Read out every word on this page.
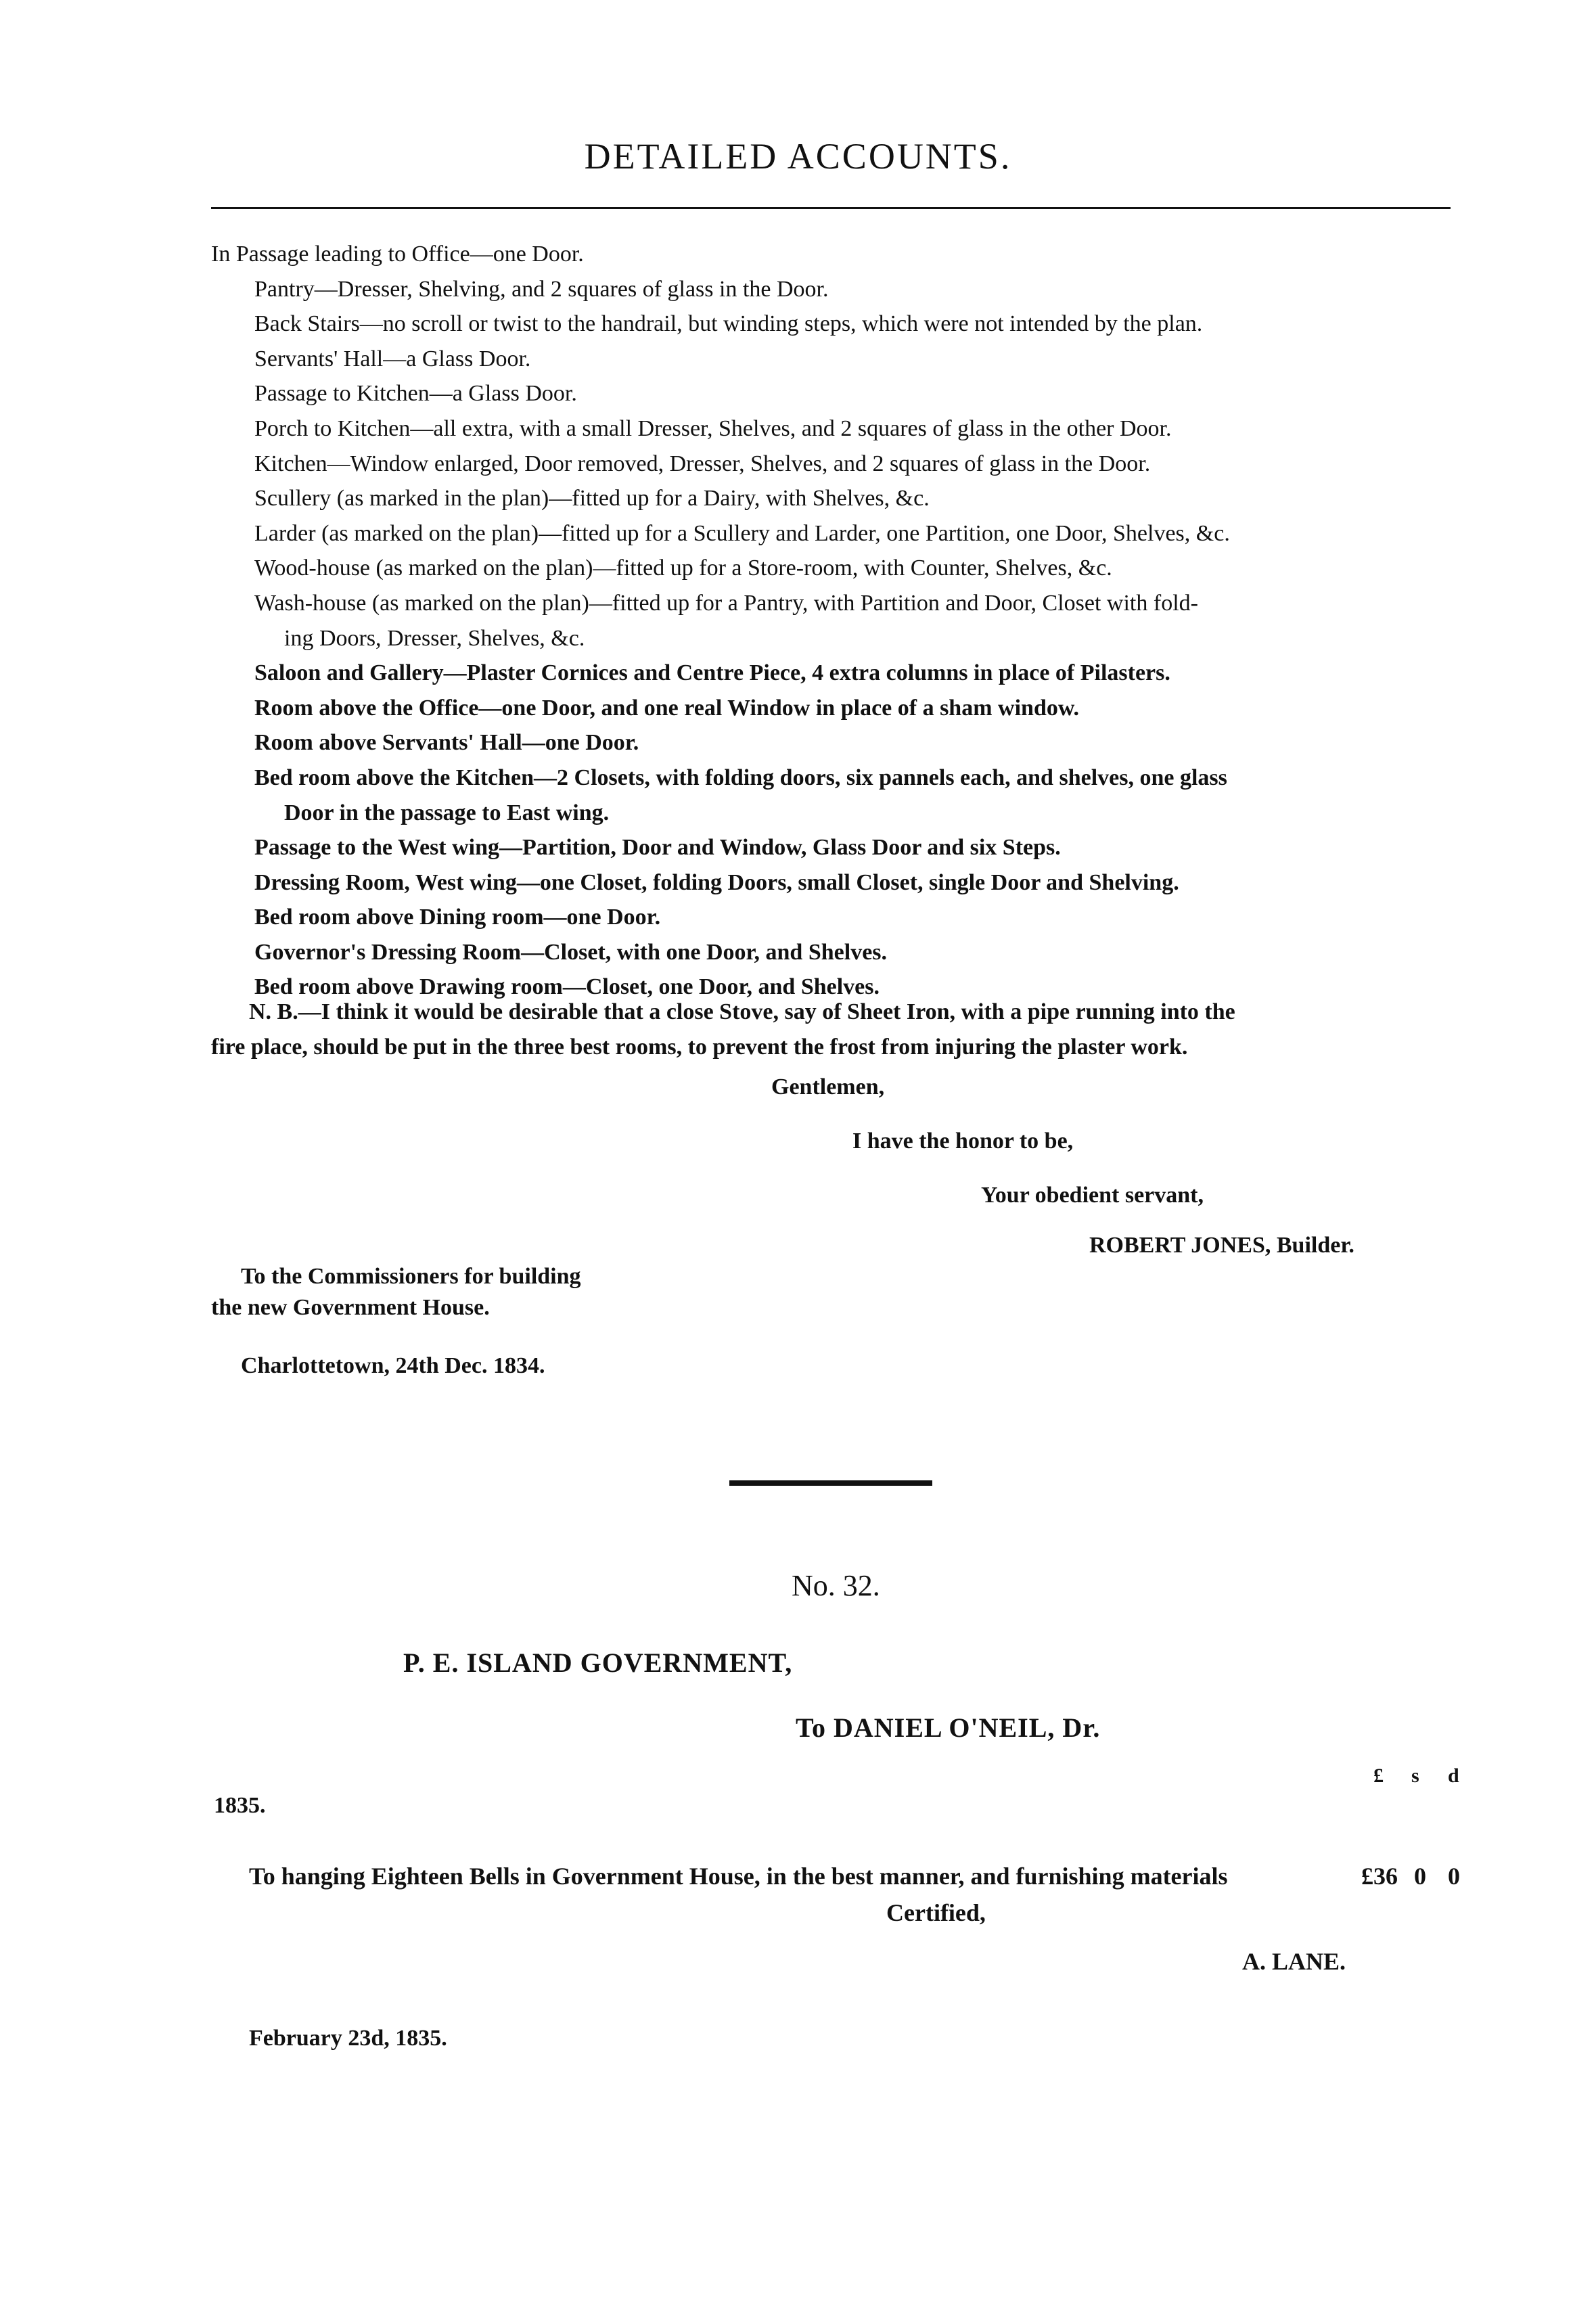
DETAILED ACCOUNTS.
In Passage leading to Office—one Door.
Pantry—Dresser, Shelving, and 2 squares of glass in the Door.
Back Stairs—no scroll or twist to the handrail, but winding steps, which were not intended by the plan.
Servants' Hall—a Glass Door.
Passage to Kitchen—a Glass Door.
Porch to Kitchen—all extra, with a small Dresser, Shelves, and 2 squares of glass in the other Door.
Kitchen—Window enlarged, Door removed, Dresser, Shelves, and 2 squares of glass in the Door.
Scullery (as marked in the plan)—fitted up for a Dairy, with Shelves, &c.
Larder (as marked on the plan)—fitted up for a Scullery and Larder, one Partition, one Door, Shelves, &c.
Wood-house (as marked on the plan)—fitted up for a Store-room, with Counter, Shelves, &c.
Wash-house (as marked on the plan)—fitted up for a Pantry, with Partition and Door, Closet with fold-
ing Doors, Dresser, Shelves, &c.
Saloon and Gallery—Plaster Cornices and Centre Piece, 4 extra columns in place of Pilasters.
Room above the Office—one Door, and one real Window in place of a sham window.
Room above Servants' Hall—one Door.
Bed room above the Kitchen—2 Closets, with folding doors, six pannels each, and shelves, one glass
Door in the passage to East wing.
Passage to the West wing—Partition, Door and Window, Glass Door and six Steps.
Dressing Room, West wing—one Closet, folding Doors, small Closet, single Door and Shelving.
Bed room above Dining room—one Door.
Governor's Dressing Room—Closet, with one Door, and Shelves.
Bed room above Drawing room—Closet, one Door, and Shelves.
N. B.—I think it would be desirable that a close Stove, say of Sheet Iron, with a pipe running into the
fire place, should be put in the three best rooms, to prevent the frost from injuring the plaster work.
Gentlemen,
I have the honor to be,
Your obedient servant,
ROBERT JONES, Builder.
To the Commissioners for building
the new Government House.
Charlottetown, 24th Dec. 1834.
No. 32.
P. E. ISLAND GOVERNMENT,
To DANIEL O'NEIL, Dr.
£ s d
1835.
To hanging Eighteen Bells in Government House, in the best manner, and furnishing materials	£36 0 0
Certified,
A. LANE.
February 23d, 1835.
